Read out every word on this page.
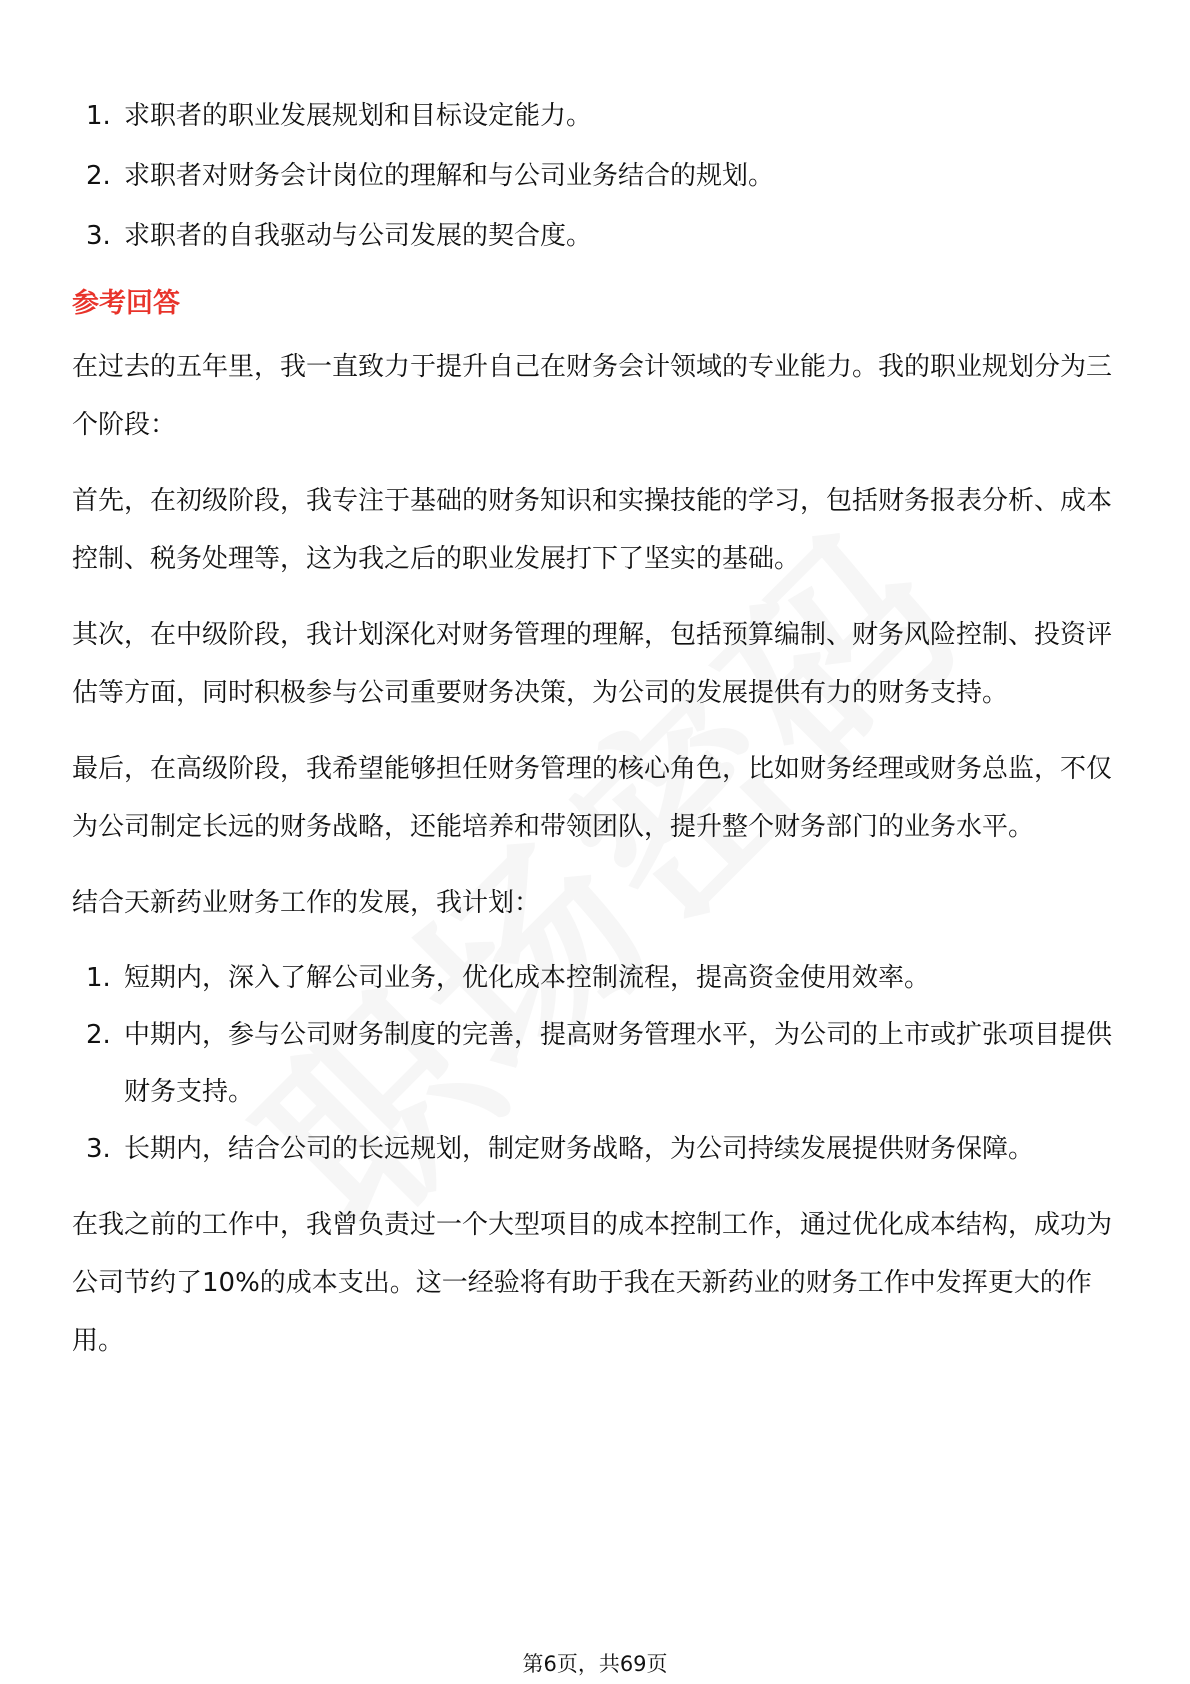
1. 求职者的职业发展规划和目标设定能力。
2. 求职者对财务会计岗位的理解和与公司业务结合的规划。
3. 求职者的自我驱动与公司发展的契合度。
参考回答

在过去的五年里，我一直致力于提升自己在财务会计领域的专业能力。我的职业规划分为三个阶段：

首先，在初级阶段，我专注于基础的财务知识和实操技能的学习，包括财务报表分析、成本控制、税务处理等，这为我之后的职业发展打下了坚实的基础。

其次，在中级阶段，我计划深化对财务管理的理解，包括预算编制、财务风险控制、投资评估等方面，同时积极参与公司重要财务决策，为公司的发展提供有力的财务支持。

最后，在高级阶段，我希望能够担任财务管理的核心角色，比如财务经理或财务总监，不仅为公司制定长远的财务战略，还能培养和带领团队，提升整个财务部门的业务水平。

结合天新药业财务工作的发展，我计划：

1. 短期内，深入了解公司业务，优化成本控制流程，提高资金使用效率。
2. 中期内，参与公司财务制度的完善，提高财务管理水平，为公司的上市或扩张项目提供财务支持。
3. 长期内，结合公司的长远规划，制定财务战略，为公司持续发展提供财务保障。

在我之前的工作中，我曾负责过一个大型项目的成本控制工作，通过优化成本结构，成功为公司节约了10%的成本支出。这一经验将有助于我在天新药业的财务工作中发挥更大的作用。

第6页，共69页
